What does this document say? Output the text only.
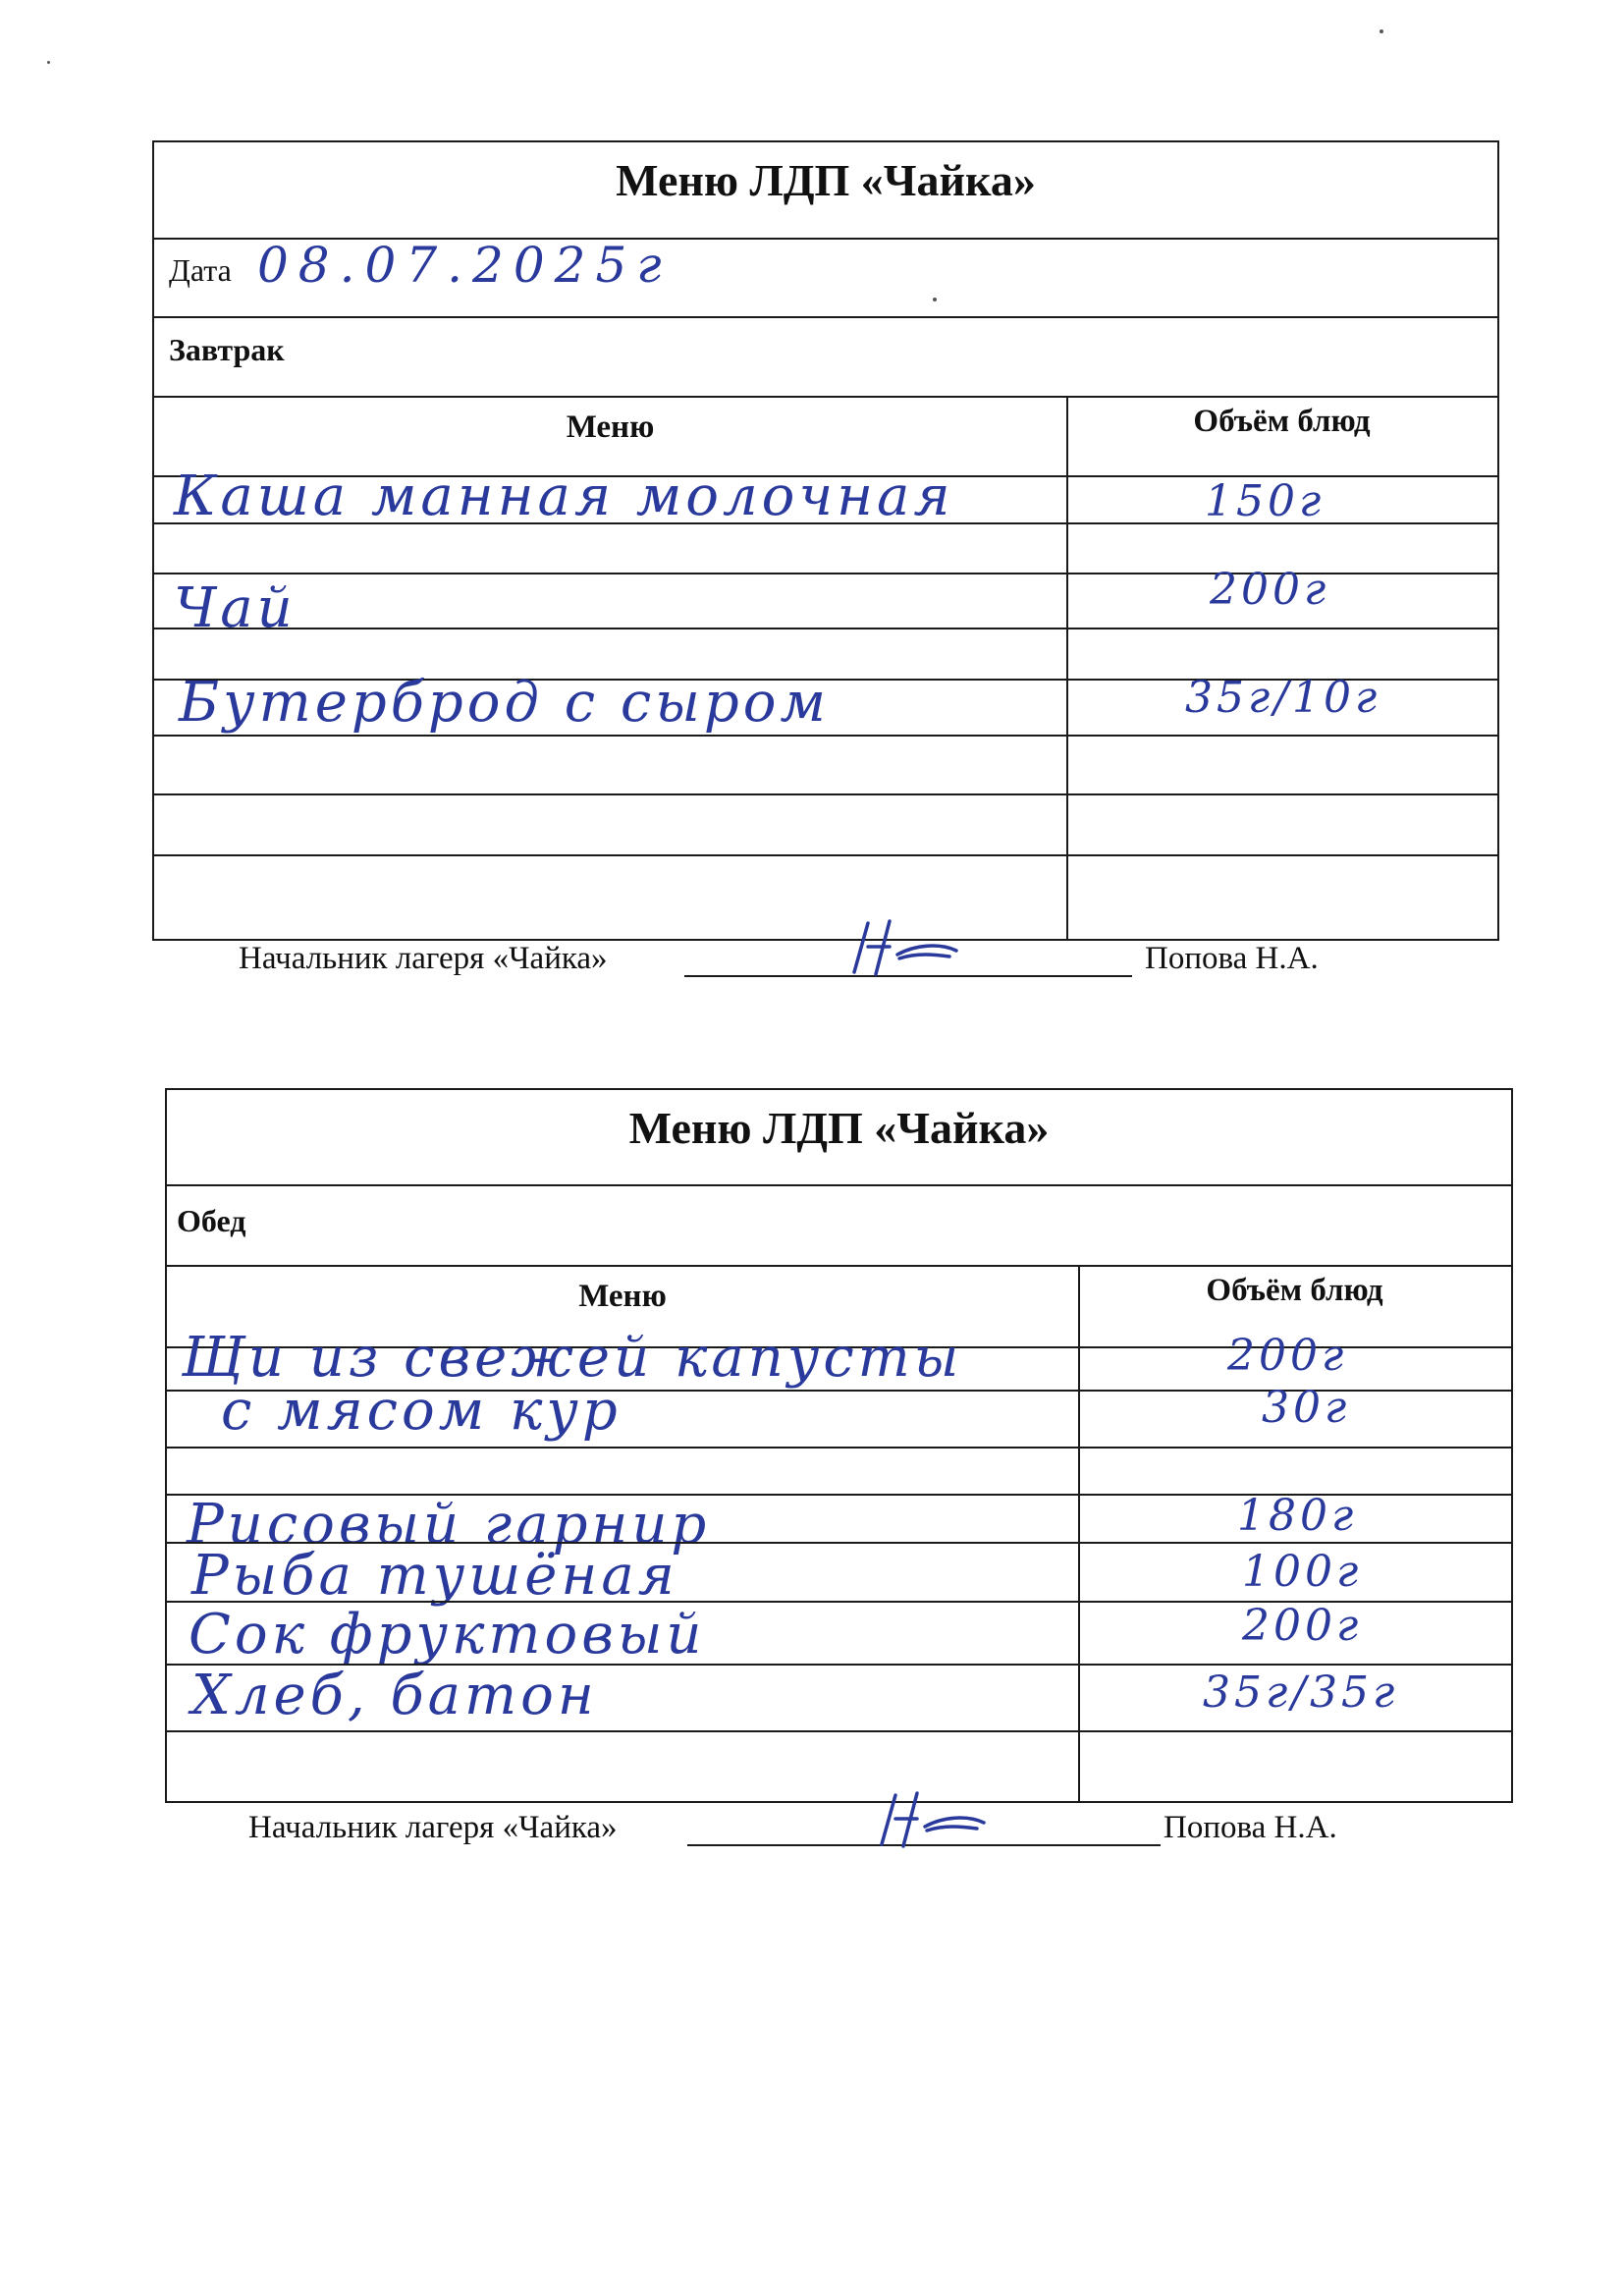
Меню ЛДП «Чайка»
Дата 08.07.2025г
Завтрак
Меню	Объём блюд
Каша манная молочная	150г
Чай	200г
Бутерброд с сыром	35г/10г
Начальник лагеря «Чайка»	Попова Н.А.
Меню ЛДП «Чайка»
Обед
Меню	Объём блюд
Щи из свежей капусты	200г
с мясом кур	30г
Рисовый гарнир	180г
Рыба тушёная	100г
Сок фруктовый	200г
Хлеб, батон	35г/35г
Начальник лагеря «Чайка»	Попова Н.А.
